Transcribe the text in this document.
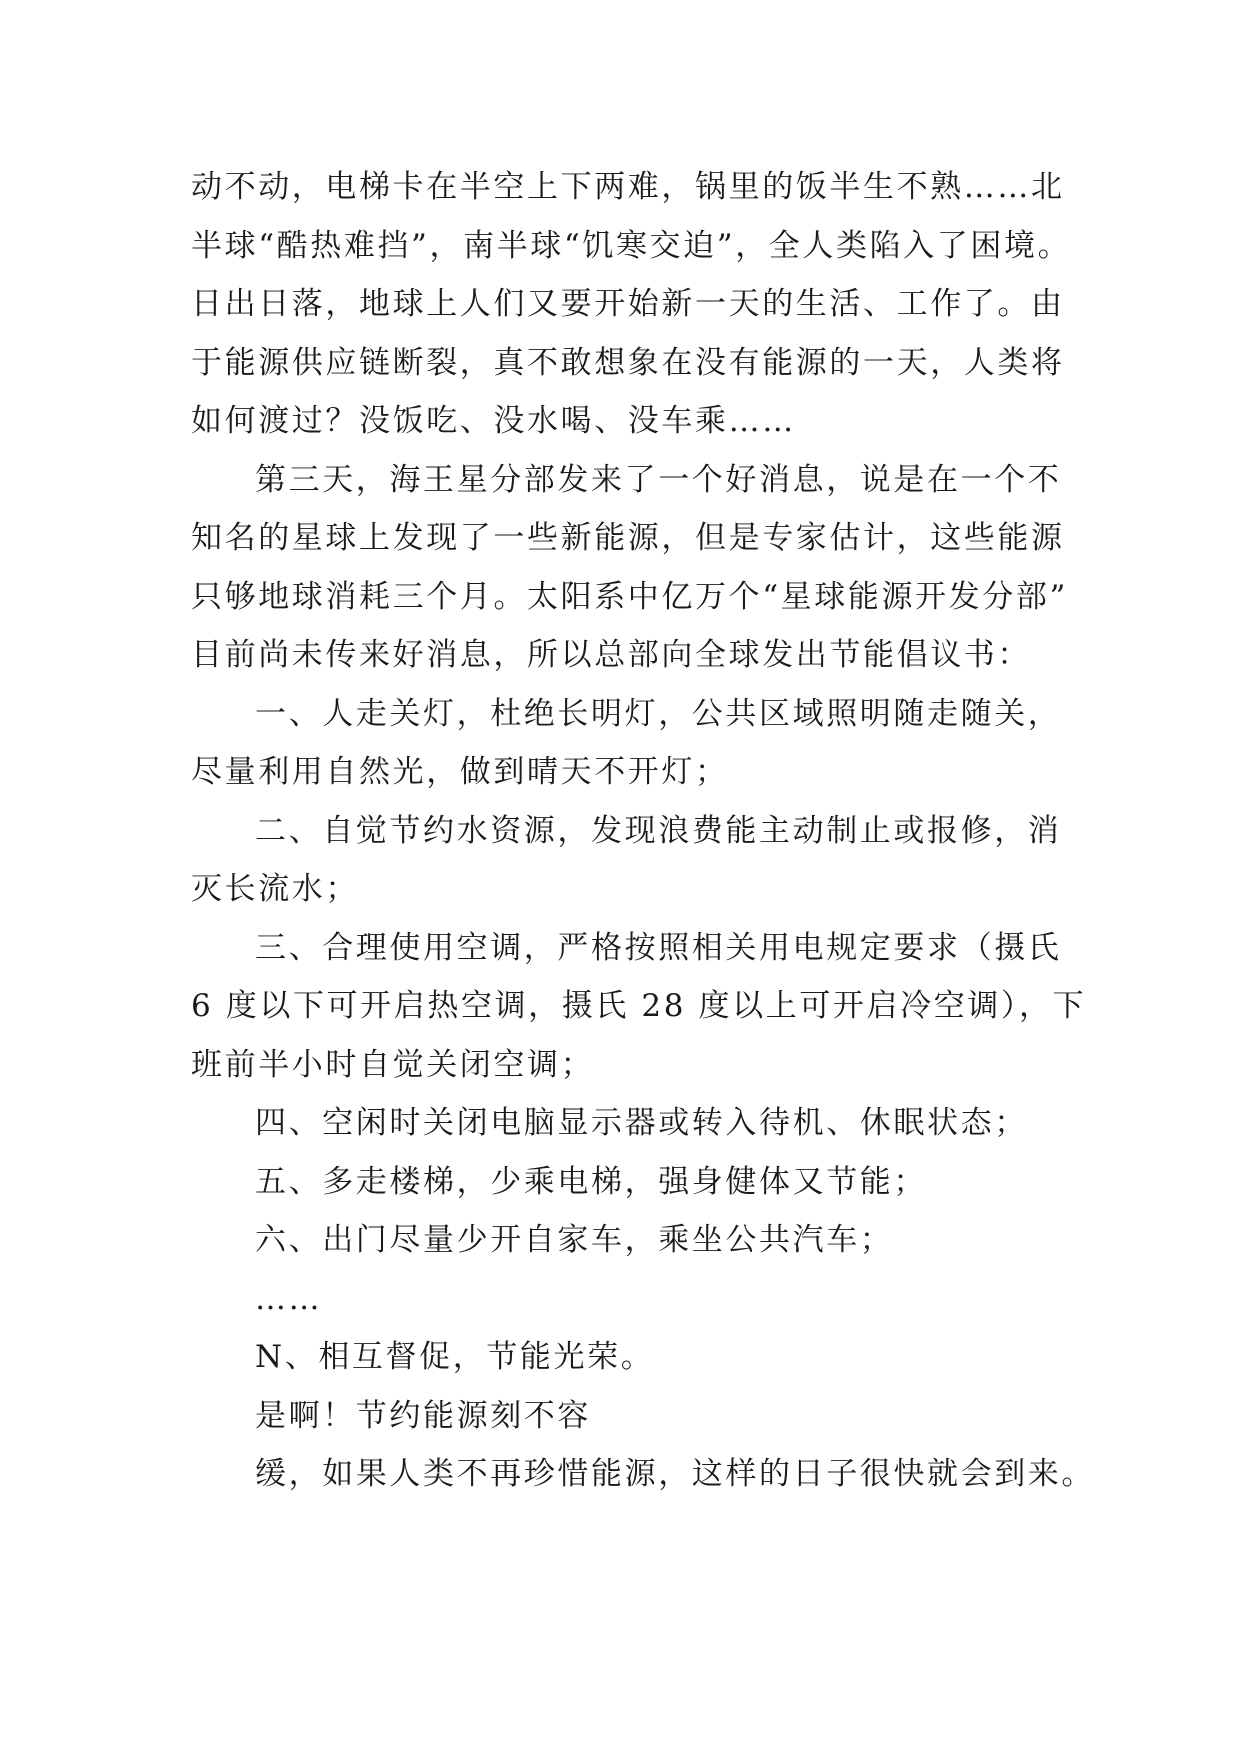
动不动，电梯卡在半空上下两难，锅里的饭半生不熟……北
半球“酷热难挡”，南半球“饥寒交迫”，全人类陷入了困境。
日出日落，地球上人们又要开始新一天的生活、工作了。由
于能源供应链断裂，真不敢想象在没有能源的一天，人类将
如何渡过？没饭吃、没水喝、没车乘……
第三天，海王星分部发来了一个好消息，说是在一个不
知名的星球上发现了一些新能源，但是专家估计，这些能源
只够地球消耗三个月。太阳系中亿万个“星球能源开发分部”
目前尚未传来好消息，所以总部向全球发出节能倡议书：
一、人走关灯，杜绝长明灯，公共区域照明随走随关，
尽量利用自然光，做到晴天不开灯；
二、自觉节约水资源，发现浪费能主动制止或报修，消
灭长流水；
三、合理使用空调，严格按照相关用电规定要求（摄氏
6 度以下可开启热空调，摄氏 28 度以上可开启冷空调），下
班前半小时自觉关闭空调；
四、空闲时关闭电脑显示器或转入待机、休眠状态；
五、多走楼梯，少乘电梯，强身健体又节能；
六、出门尽量少开自家车，乘坐公共汽车；
……
N、相互督促，节能光荣。
是啊！节约能源刻不容
缓，如果人类不再珍惜能源，这样的日子很快就会到来。
